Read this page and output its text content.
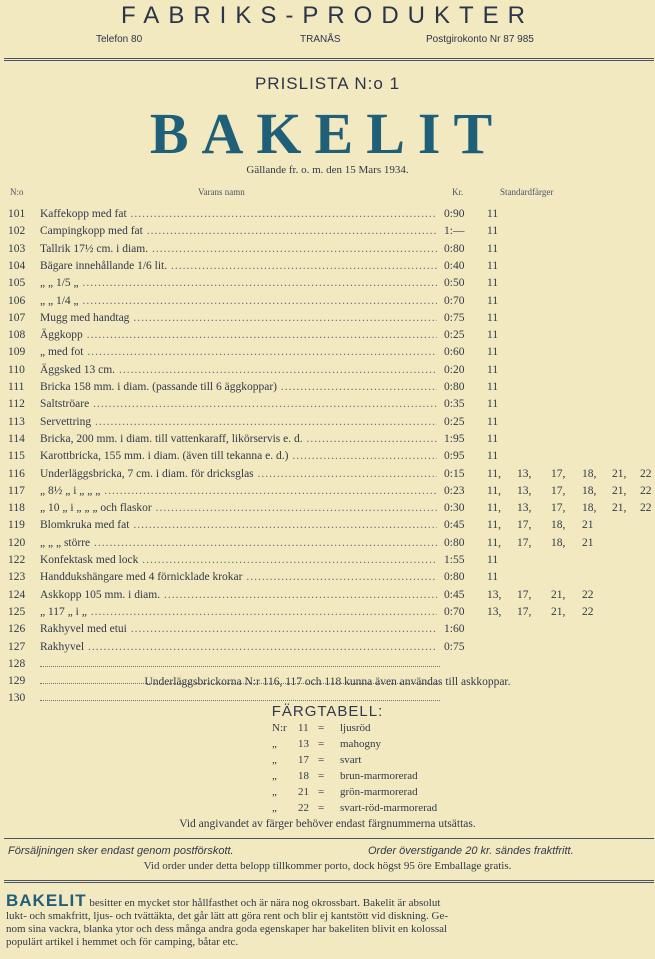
FABRIKS-PRODUKTER
Telefon 80	TRANÅS	Postgirokonto Nr 87 985
PRISLISTA N:o 1
BAKELIT
Gällande fr. o. m. den 15 Mars 1934.
N:o	Varans namn	Kr.	Standardfärger
101 Kaffekopp med fat .....	0:90 11
102 Campingkopp med fat .....	1:— 11
103 Tallrik 17½ cm. i diam. .....	0:80 11
104 Bägare innehållande 1/6 lit. .....	0:40 11
105 „ „ 1/5 „ .....	0:50 11
106 „ „ 1/4 „ .....	0:70 11
107 Mugg med handtag .....	0:75 11
108 Äggkopp .....	0:25 11
109 „ med fot .....	0:60 11
110 Äggsked 13 cm. .....	0:20 11
111 Bricka 158 mm. i diam. (passande till 6 äggkoppar) .....	0:80 11
112 Saltströare .....	0:35 11
113 Servettring .....	0:25 11
114 Bricka, 200 mm. i diam. till vattenkaraff, likörservis e. d. .....	1:95 11
115 Karottbricka, 155 mm. i diam. (även till tekanna e. d.) .....	0:95 11
116 Underläggsbricka, 7 cm. i diam. för dricksglas .....	0:15 11, 13, 17, 18, 21, 22
117 „ 8½ „ i „ „ „ .....	0:23 11, 13, 17, 18, 21, 22
118 „ 10 „ i „ „ „ och flaskor .....	0:30 11, 13, 17, 18, 21, 22
119 Blomkruka med fat .....	0:45 11, 17, 18, 21
120 „ „ „ större .....	0:80 11, 17, 18, 21
122 Konfektask med lock .....	1:55 11
123 Handdukshängare med 4 förnicklade krokar .....	0:80 11
124 Askkopp 105 mm. i diam. .....	0:45 13, 17, 21, 22
125 „ 117 „ i „ .....	0:70 13, 17, 21, 22
126 Rakhyvel med etui .....	1:60
127 Rakhyvel .....	0:75
128
129
130
Underläggsbrickorna N:r 116, 117 och 118 kunna även användas till askkoppar.
FÄRGTABELL:
N:r 11 = ljusröd
„ 13 = mahogny
„ 17 = svart
„ 18 = brun-marmorerad
„ 21 = grön-marmorerad
„ 22 = svart-röd-marmorerad
Vid angivandet av färger behöver endast färgnummerna utsättas.
Försäljningen sker endast genom postförskott.	Order överstigande 20 kr. sändes fraktfritt.
Vid order under detta belopp tillkommer porto, dock högst 95 öre Emballage gratis.
BAKELIT besitter en mycket stor hållfasthet och är nära nog okrossbart. Bakelit är absolut
lukt- och smakfritt, ljus- och tvättäkta, det går lätt att göra rent och blir ej kantstött vid diskning. Ge-
nom sina vackra, blanka ytor och dess många andra goda egenskaper har bakeliten blivit en kolossal
populärt artikel i hemmet och för camping, båtar etc.
